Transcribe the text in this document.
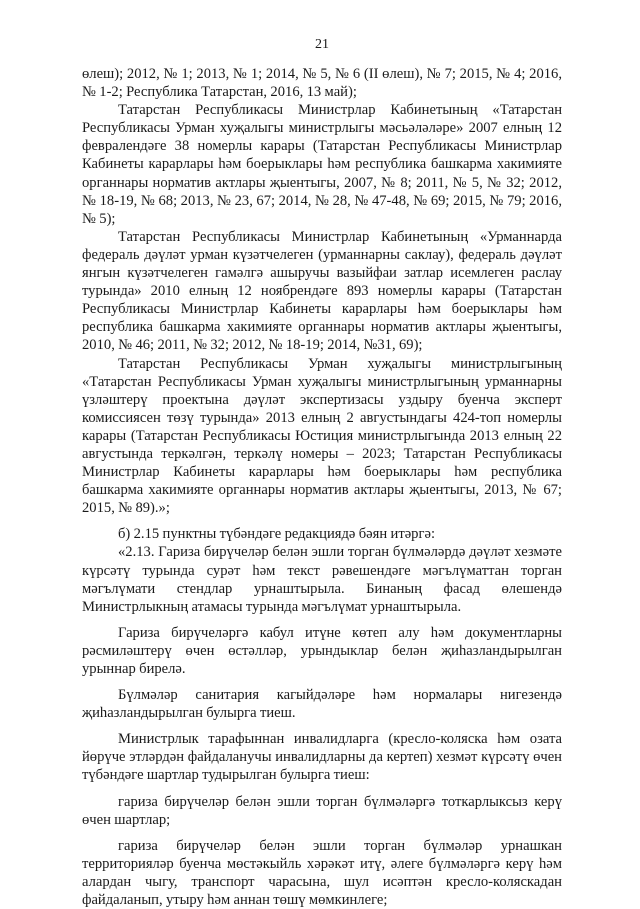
21

өлеш); 2012, № 1; 2013, № 1; 2014, № 5, № 6 (II өлеш), № 7; 2015, № 4; 2016, № 1-2; Республика Татарстан, 2016, 13 май);

Татарстан Республикасы Министрлар Кабинетының «Татарстан Республикасы Урман хуҗалыгы министрлыгы мәсьәләләре» 2007 елның 12 февралендәге 38 номерлы карары (Татарстан Республикасы Министрлар Кабинеты карарлары һәм боерыклары һәм республика башкарма хакимияте органнары норматив актлары җыентыгы, 2007, № 8; 2011, № 5, № 32; 2012, № 18-19, № 68; 2013, № 23, 67; 2014, № 28, № 47-48, № 69; 2015, № 79; 2016, № 5);

Татарстан Республикасы Министрлар Кабинетының «Урманнарда федераль дәүләт урман күзәтчелеген (урманнарны саклау), федераль дәүләт янгын күзәтчелеген гамәлгә ашыручы вазыйфаи затлар исемлеген раслау турында» 2010 елның 12 ноябрендәге 893 номерлы карары (Татарстан Республикасы Министрлар Кабинеты карарлары һәм боерыклары һәм республика башкарма хакимияте органнары норматив актлары җыентыгы, 2010, № 46; 2011, № 32; 2012, № 18-19; 2014, №31, 69);

Татарстан Республикасы Урман хуҗалыгы министрлыгының «Татарстан Республикасы Урман хуҗалыгы министрлыгының урманнарны үзләштерү проектына дәүләт экспертизасы уздыру буенча эксперт комиссиясен төзү турында» 2013 елның 2 августындагы 424-топ номерлы карары (Татарстан Республикасы Юстиция министрлыгында 2013 елның 22 августында теркәлгән, теркәлү номеры – 2023; Татарстан Республикасы Министрлар Кабинеты карарлары һәм боерыклары һәм республика башкарма хакимияте органнары норматив актлары җыентыгы, 2013, № 67; 2015, № 89).»;

б) 2.15 пунктны түбәндәге редакциядә бәян итәргә:

«2.13. Гариза бирүчеләр белән эшли торган бүлмәләрдә дәүләт хезмәте күрсәтү турында сурәт һәм текст рәвешендәге мәгълүматтан торган мәгълүмати стендлар урнаштырыла. Бинаның фасад өлешендә Министрлыкның атамасы турында мәгълүмат урнаштырыла.

Гариза бирүчеләргә кабул итүне көтеп алу һәм документларны рәсмиләштерү өчен өстәлләр, урындыклар белән җиһазландырылган урыннар бирелә.

Бүлмәләр санитария кагыйдәләре һәм нормалары нигезендә җиһазландырылган булырга тиеш.

Министрлык тарафыннан инвалидларга (кресло-коляска һәм озата йөрүче этләрдән файдаланучы инвалидларны да кертеп) хезмәт күрсәтү өчен түбәндәге шартлар тудырылган булырга тиеш:

гариза бирүчеләр белән эшли торган бүлмәләргә тоткарлыксыз керү өчен шартлар;

гариза бирүчеләр белән эшли торган бүлмәләр урнашкан территорияләр буенча мөстәкыйль хәрәкәт итү, әлеге бүлмәләргә керү һәм алардан чыгу, транспорт чарасына, шул исәптән кресло-коляскадан файдаланып, утыру һәм аннан төшү мөмкинлеге;
